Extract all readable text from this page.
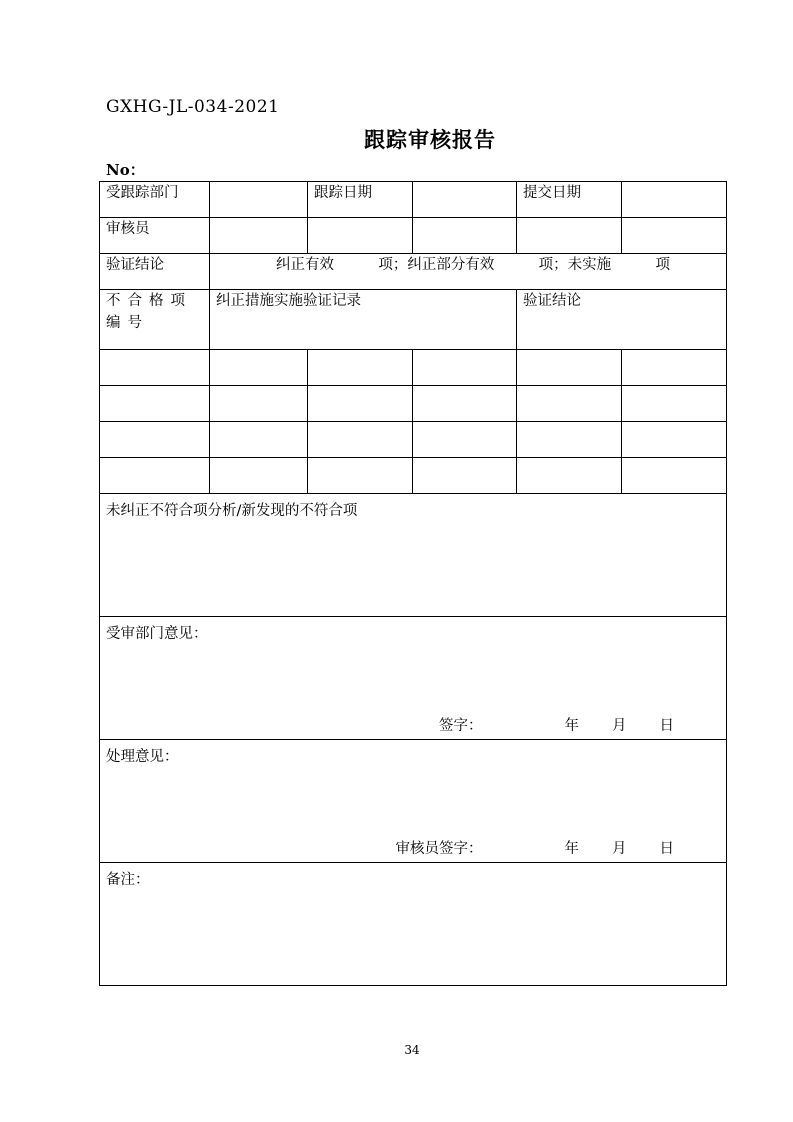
GXHG-JL-034-2021
跟踪审核报告
No：
受跟踪部门		跟踪日期		提交日期	
审核员					
验证结论	纠正有效 项；纠正部分有效 项；未实施 项				

不合格项编号	纠正措施实施验证记录			验证结论	

未纠正不符合项分析/新发现的不符合项					
受审部门意见：
签字： 年 月 日					

处理意见：
审核员签字： 年 月 日					

备注：					
34
